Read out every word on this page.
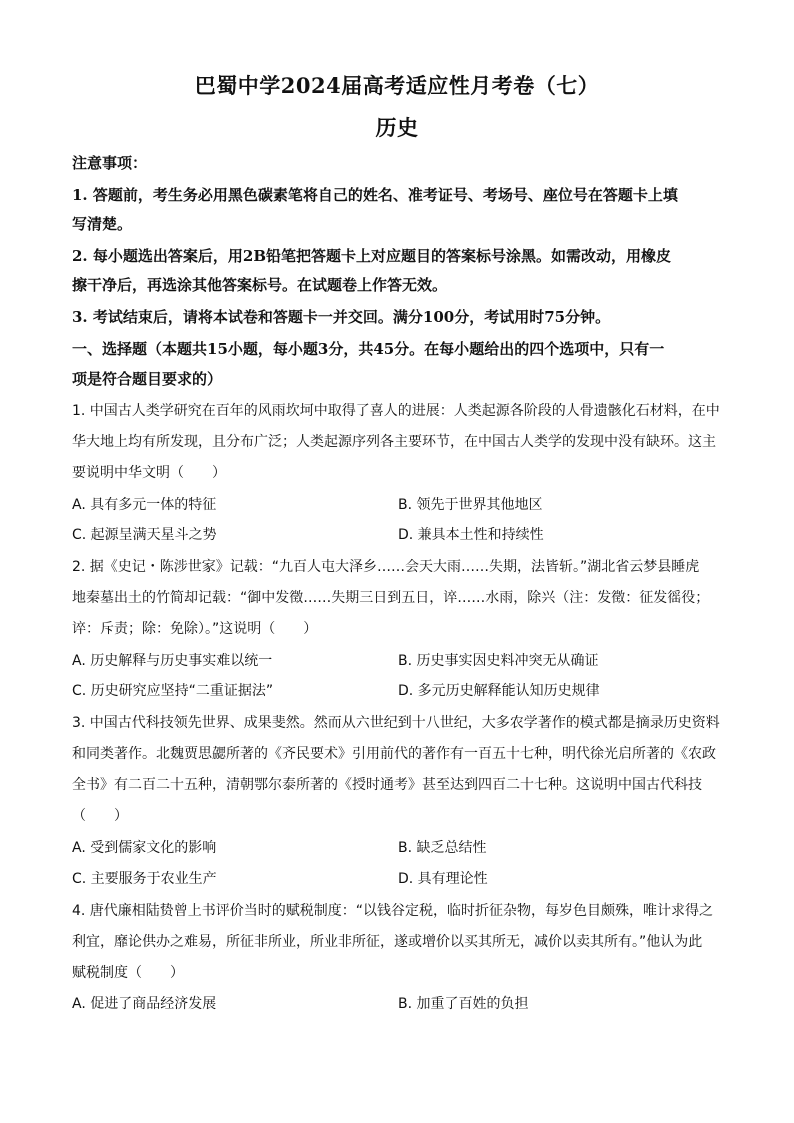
巴蜀中学2024届高考适应性月考卷（七）
历史
注意事项：
1. 答题前，考生务必用黑色碳素笔将自己的姓名、准考证号、考场号、座位号在答题卡上填
写清楚。
2. 每小题选出答案后，用2B铅笔把答题卡上对应题目的答案标号涂黑。如需改动，用橡皮
擦干净后，再选涂其他答案标号。在试题卷上作答无效。
3. 考试结束后，请将本试卷和答题卡一并交回。满分100分，考试用时75分钟。
一、选择题（本题共15小题，每小题3分，共45分。在每小题给出的四个选项中，只有一
项是符合题目要求的）
1. 中国古人类学研究在百年的风雨坎坷中取得了喜人的进展：人类起源各阶段的人骨遗骸化石材料，在中
华大地上均有所发现，且分布广泛；人类起源序列各主要环节，在中国古人类学的发现中没有缺环。这主
要说明中华文明（　　）
A. 具有多元一体的特征	B. 领先于世界其他地区
C. 起源呈满天星斗之势	D. 兼具本土性和持续性
2. 据《史记・陈涉世家》记载：“九百人屯大泽乡……会天大雨……失期，法皆斩。”湖北省云梦县睡虎
地秦墓出土的竹简却记载：“御中发徵……失期三日到五日，谇……水雨，除兴（注：发徵：征发徭役；
谇：斥责；除：免除）。”这说明（　　）
A. 历史解释与历史事实难以统一	B. 历史事实因史料冲突无从确证
C. 历史研究应坚持“二重证据法”	D. 多元历史解释能认知历史规律
3. 中国古代科技领先世界、成果斐然。然而从六世纪到十八世纪，大多农学著作的模式都是摘录历史资料
和同类著作。北魏贾思勰所著的《齐民要术》引用前代的著作有一百五十七种，明代徐光启所著的《农政
全书》有二百二十五种，清朝鄂尔泰所著的《授时通考》甚至达到四百二十七种。这说明中国古代科技
（　　）
A. 受到儒家文化的影响	B. 缺乏总结性
C. 主要服务于农业生产	D. 具有理论性
4. 唐代廉相陆贽曾上书评价当时的赋税制度：“以钱谷定税，临时折征杂物，每岁色目颇殊，唯计求得之
利宜，靡论供办之难易，所征非所业，所业非所征，遂或增价以买其所无，减价以卖其所有。”他认为此
赋税制度（　　）
A. 促进了商品经济发展	B. 加重了百姓的负担
